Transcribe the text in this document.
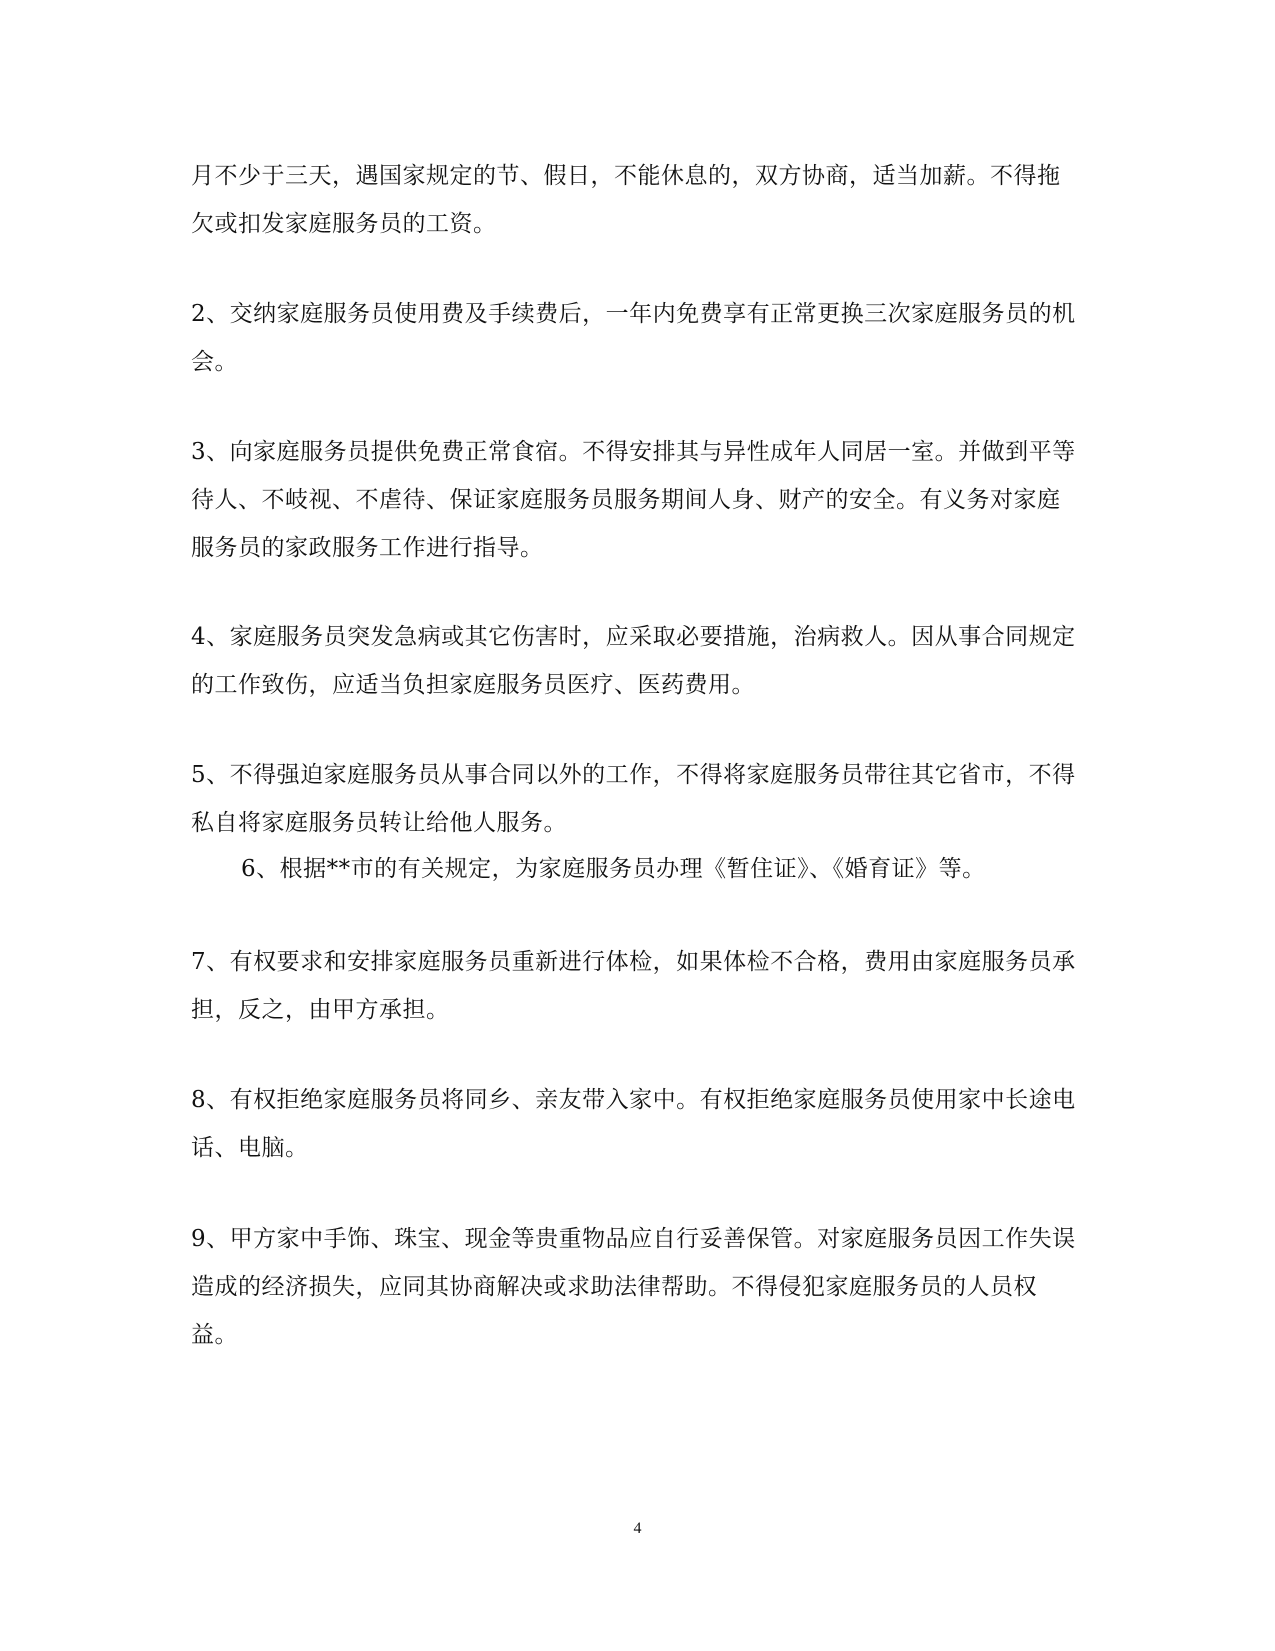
月不少于三天，遇国家规定的节、假日，不能休息的，双方协商，适当加薪。不得拖欠或扣发家庭服务员的工资。

2、交纳家庭服务员使用费及手续费后，一年内免费享有正常更换三次家庭服务员的机会。

3、向家庭服务员提供免费正常食宿。不得安排其与异性成年人同居一室。并做到平等待人、不岐视、不虐待、保证家庭服务员服务期间人身、财产的安全。有义务对家庭服务员的家政服务工作进行指导。

4、家庭服务员突发急病或其它伤害时，应采取必要措施，治病救人。因从事合同规定的工作致伤，应适当负担家庭服务员医疗、医药费用。

5、不得强迫家庭服务员从事合同以外的工作，不得将家庭服务员带往其它省市，不得私自将家庭服务员转让给他人服务。

6、根据**市的有关规定，为家庭服务员办理《暂住证》、《婚育证》等。

7、有权要求和安排家庭服务员重新进行体检，如果体检不合格，费用由家庭服务员承担，反之，由甲方承担。

8、有权拒绝家庭服务员将同乡、亲友带入家中。有权拒绝家庭服务员使用家中长途电话、电脑。

9、甲方家中手饰、珠宝、现金等贵重物品应自行妥善保管。对家庭服务员因工作失误造成的经济损失，应同其协商解决或求助法律帮助。不得侵犯家庭服务员的人员权益。

4
